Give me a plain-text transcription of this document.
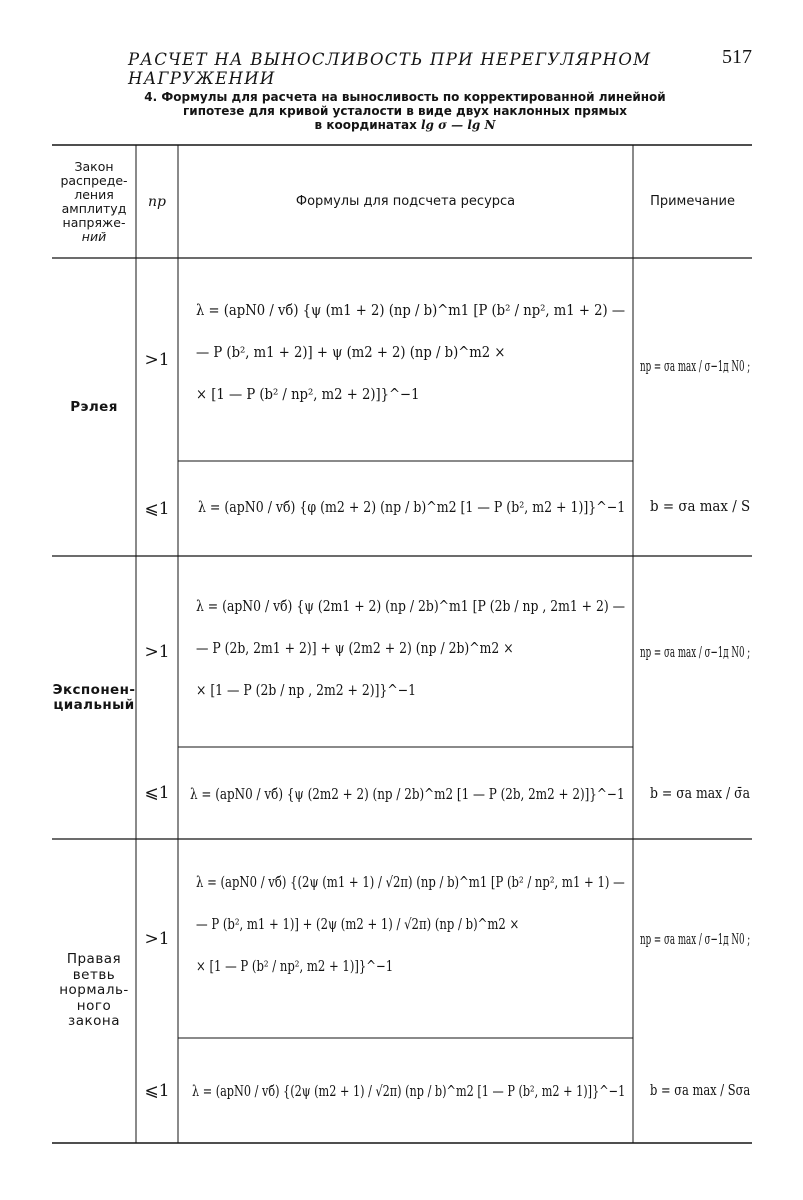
РАСЧЕТ НА ВЫНОСЛИВОСТЬ ПРИ НЕРЕГУЛЯРНОМ НАГРУЖЕНИИ
517
4. Формулы для расчета на выносливость по корректированной линейной
гипотезе для кривой усталости в виде двух наклонных прямых
в координатах lg σ — lg N
Закон
распреде-
ления
амплитуд
напряже-
ний
nр	Формулы для подсчета ресурса	Примечание
Рэлея
>1
⩽1
λ = (aрN0 / vб) {ψ (m1 + 2) (nр / b)^m1 [P (b² / nр², m1 + 2) —
— P (b², m1 + 2)] + ψ (m2 + 2) (nр / b)^m2 ×
× [1 — P (b² / nр², m2 + 2)]}^−1
λ = (aрN0 / vб) {φ (m2 + 2) (nр / b)^m2 [1 — P (b², m2 + 1)]}^−1
nр = σa max / σ−1д N0 ;
b = σa max / S
Экспонен-
циальный
>1
⩽1
λ = (aрN0 / vб) {ψ (2m1 + 2) (nр / 2b)^m1 [P (2b / nр , 2m1 + 2) —
— P (2b, 2m1 + 2)] + ψ (2m2 + 2) (nр / 2b)^m2 ×
× [1 — P (2b / nр , 2m2 + 2)]}^−1
λ = (aрN0 / vб) {ψ (2m2 + 2) (nр / 2b)^m2 [1 — P (2b, 2m2 + 2)]}^−1
nр = σa max / σ−1д N0 ;
b = σa max / σ̄a
Правая
ветвь
нормаль-
ного
закона
>1
⩽1
λ = (aрN0 / vб) {(2ψ (m1 + 1) / √2π) (nр / b)^m1 [P (b² / nр², m1 + 1) —
— P (b², m1 + 1)] + (2ψ (m2 + 1) / √2π) (nр / b)^m2 ×
× [1 — P (b² / nр², m2 + 1)]}^−1
λ = (aрN0 / vб) {(2ψ (m2 + 1) / √2π) (nр / b)^m2 [1 — P (b², m2 + 1)]}^−1
nр = σa max / σ−1д N0 ;
b = σa max / Sσa
